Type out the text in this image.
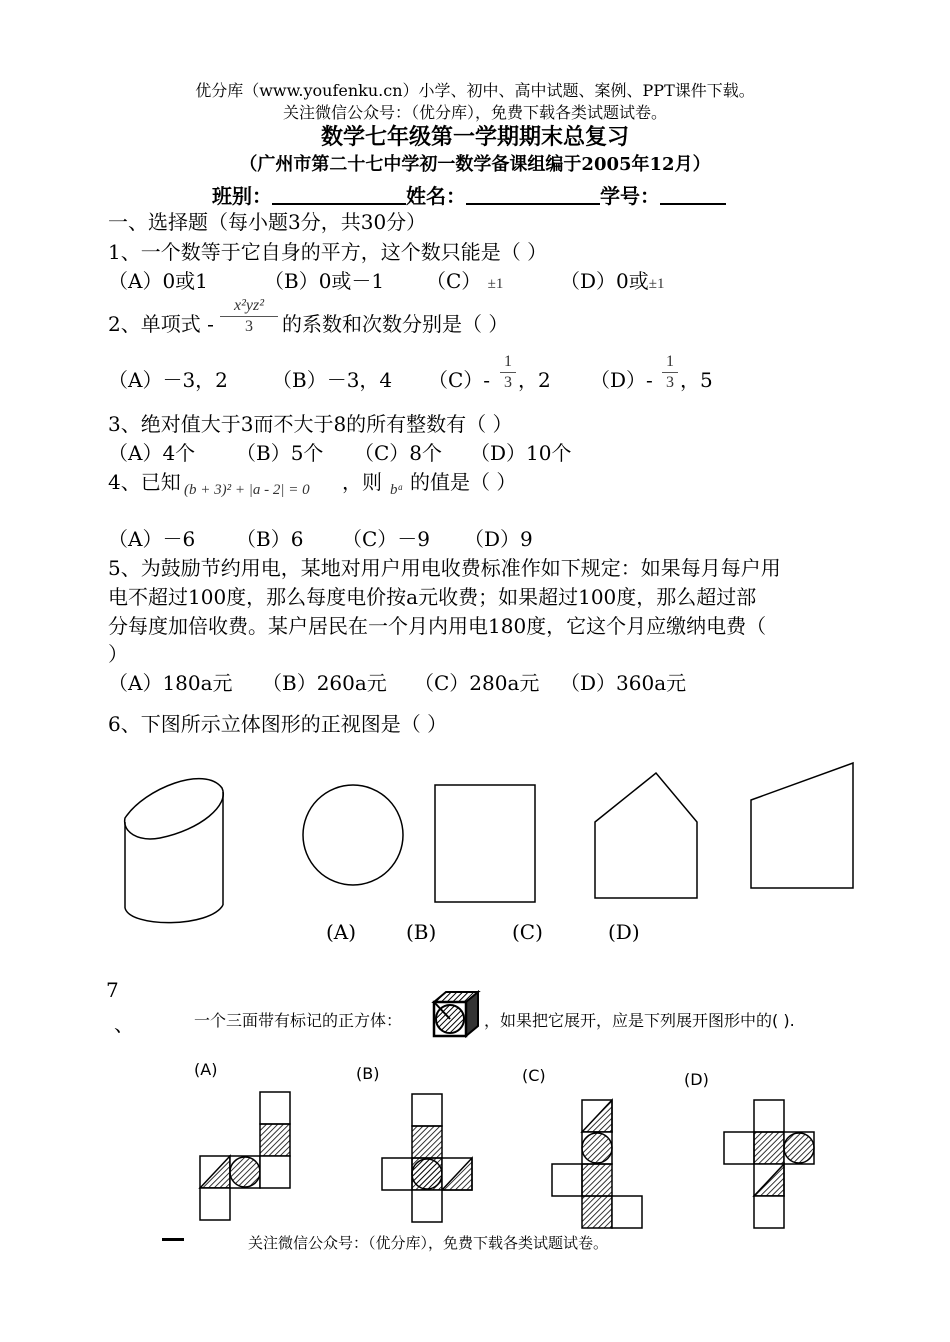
优分库（www.youfenku.cn）小学、初中、高中试题、案例、PPT课件下载。
关注微信公众号：（优分库），免费下载各类试题试卷。
数学七年级第一学期期末总复习
（广州市第二十七中学初一数学备课组编于2005年12月）
班别：	姓名：	学号：
一、选择题（每小题3分，共30分）
1、一个数等于它自身的平方，这个数只能是（ ）
（A）0或1	（B）0或－1 （C） ±1	（D）0或±1
2、单项式 - $\frac{\text{x²yz²}}{3}$ 的系数和次数分别是（ ）
（A）－3，2 （B）－3，4 $(C)- \frac{1}{3}$ ，2 $(D)- \frac{1}{3}$ ，5
3、绝对值大于3而不大于8的所有整数有（ ）
（A）4个 （B）5个 （C）8个 （D）10个
4、已知 (b + 3)² + |a - 2| = 0 ，则 bᵃ 的值是（ ）
（A）－6 （B）6 （C）－9 （D）9
5、为鼓励节约用电，某地对用户用电收费标准作如下规定：如果每月每户用
电不超过100度，那么每度电价按a元收费；如果超过100度，那么超过部
分每度加倍收费。某户居民在一个月内用电180度，它这个月应缴纳电费（
）
（A）180a元 （B）260a元 （C）280a元 （D）360a元
6、下图所示立体图形的正视图是（ ）
(A) (B)	(C)	(D)
7
、	一个三面带有标记的正方体：	，如果把它展开，应是下列展开图形中的( ).
(A)	(B)	(C)	(D)
关注微信公众号：（优分库），免费下载各类试题试卷。
